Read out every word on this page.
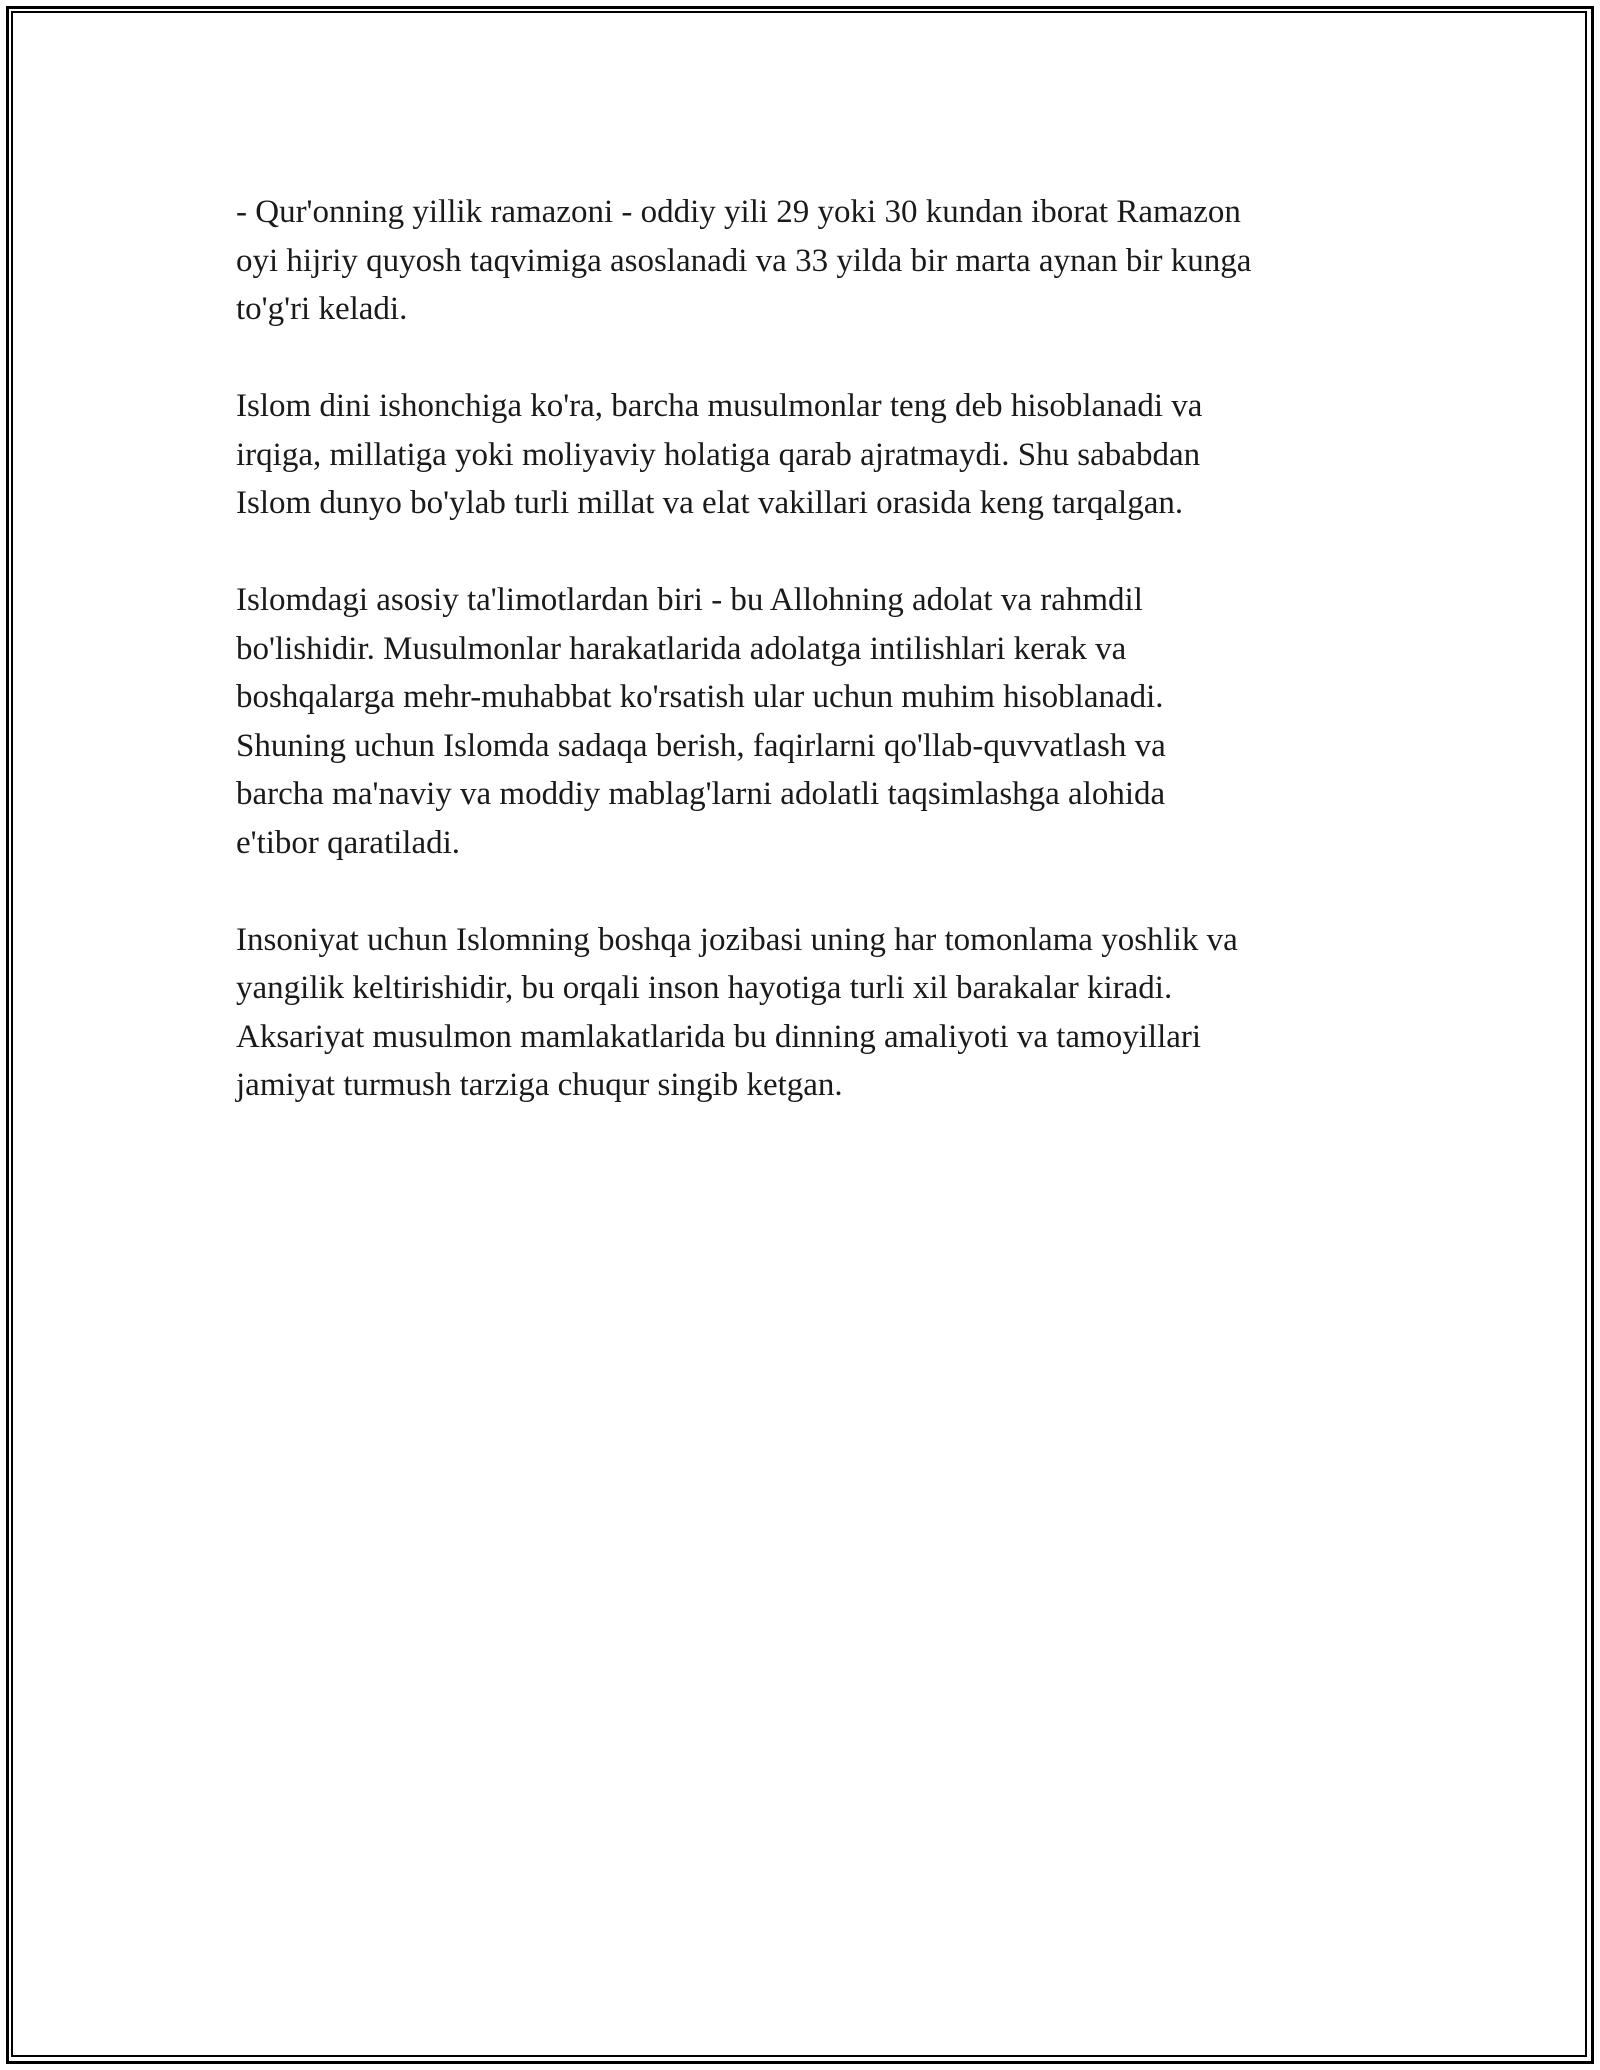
- Qur'onning yillik ramazoni - oddiy yili 29 yoki 30 kundan iborat Ramazon
oyi hijriy quyosh taqvimiga asoslanadi va 33 yilda bir marta aynan bir kunga
to'g'ri keladi.

Islom dini ishonchiga ko'ra, barcha musulmonlar teng deb hisoblanadi va
irqiga, millatiga yoki moliyaviy holatiga qarab ajratmaydi. Shu sababdan
Islom dunyo bo'ylab turli millat va elat vakillari orasida keng tarqalgan.

Islomdagi asosiy ta'limotlardan biri - bu Allohning adolat va rahmdil
bo'lishidir. Musulmonlar harakatlarida adolatga intilishlari kerak va
boshqalarga mehr-muhabbat ko'rsatish ular uchun muhim hisoblanadi.
Shuning uchun Islomda sadaqa berish, faqirlarni qo'llab-quvvatlash va
barcha ma'naviy va moddiy mablag'larni adolatli taqsimlashga alohida
e'tibor qaratiladi.

Insoniyat uchun Islomning boshqa jozibasi uning har tomonlama yoshlik va
yangilik keltirishidir, bu orqali inson hayotiga turli xil barakalar kiradi.
Aksariyat musulmon mamlakatlarida bu dinning amaliyoti va tamoyillari
jamiyat turmush tarziga chuqur singib ketgan.
